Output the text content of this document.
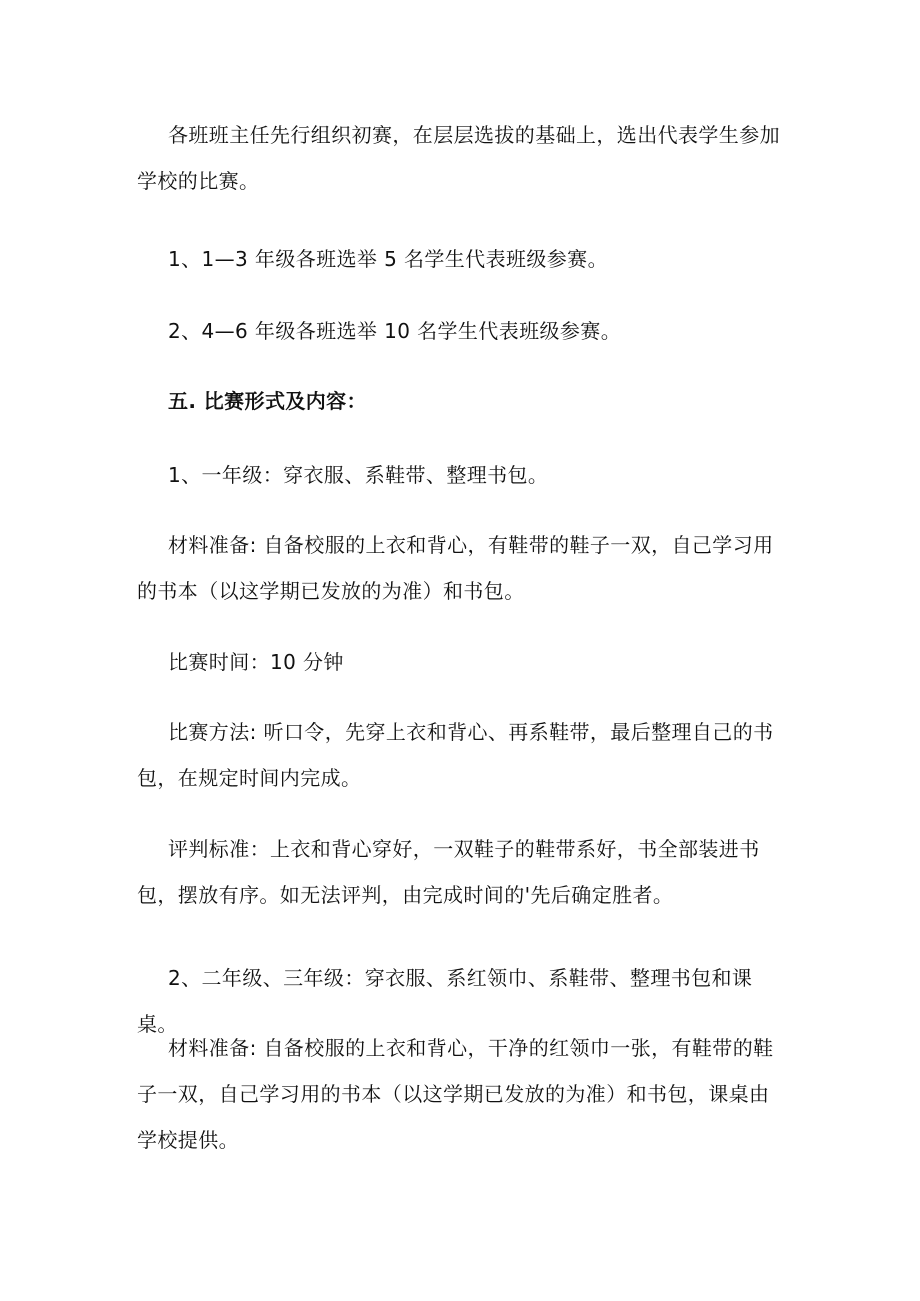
各班班主任先行组织初赛，在层层选拔的基础上，选出代表学生参加学校的比赛。

1、1—3 年级各班选举 5 名学生代表班级参赛。

2、4—6 年级各班选举 10 名学生代表班级参赛。

五. 比赛形式及内容：

1、一年级：穿衣服、系鞋带、整理书包。

材料准备: 自备校服的上衣和背心，有鞋带的鞋子一双，自己学习用的书本（以这学期已发放的为准）和书包。

比赛时间：10 分钟

比赛方法: 听口令，先穿上衣和背心、再系鞋带，最后整理自己的书包，在规定时间内完成。

评判标准：上衣和背心穿好，一双鞋子的鞋带系好，书全部装进书包，摆放有序。如无法评判，由完成时间的'先后确定胜者。

2、二年级、三年级：穿衣服、系红领巾、系鞋带、整理书包和课桌。

材料准备: 自备校服的上衣和背心，干净的红领巾一张，有鞋带的鞋子一双，自己学习用的书本（以这学期已发放的为准）和书包，课桌由学校提供。
